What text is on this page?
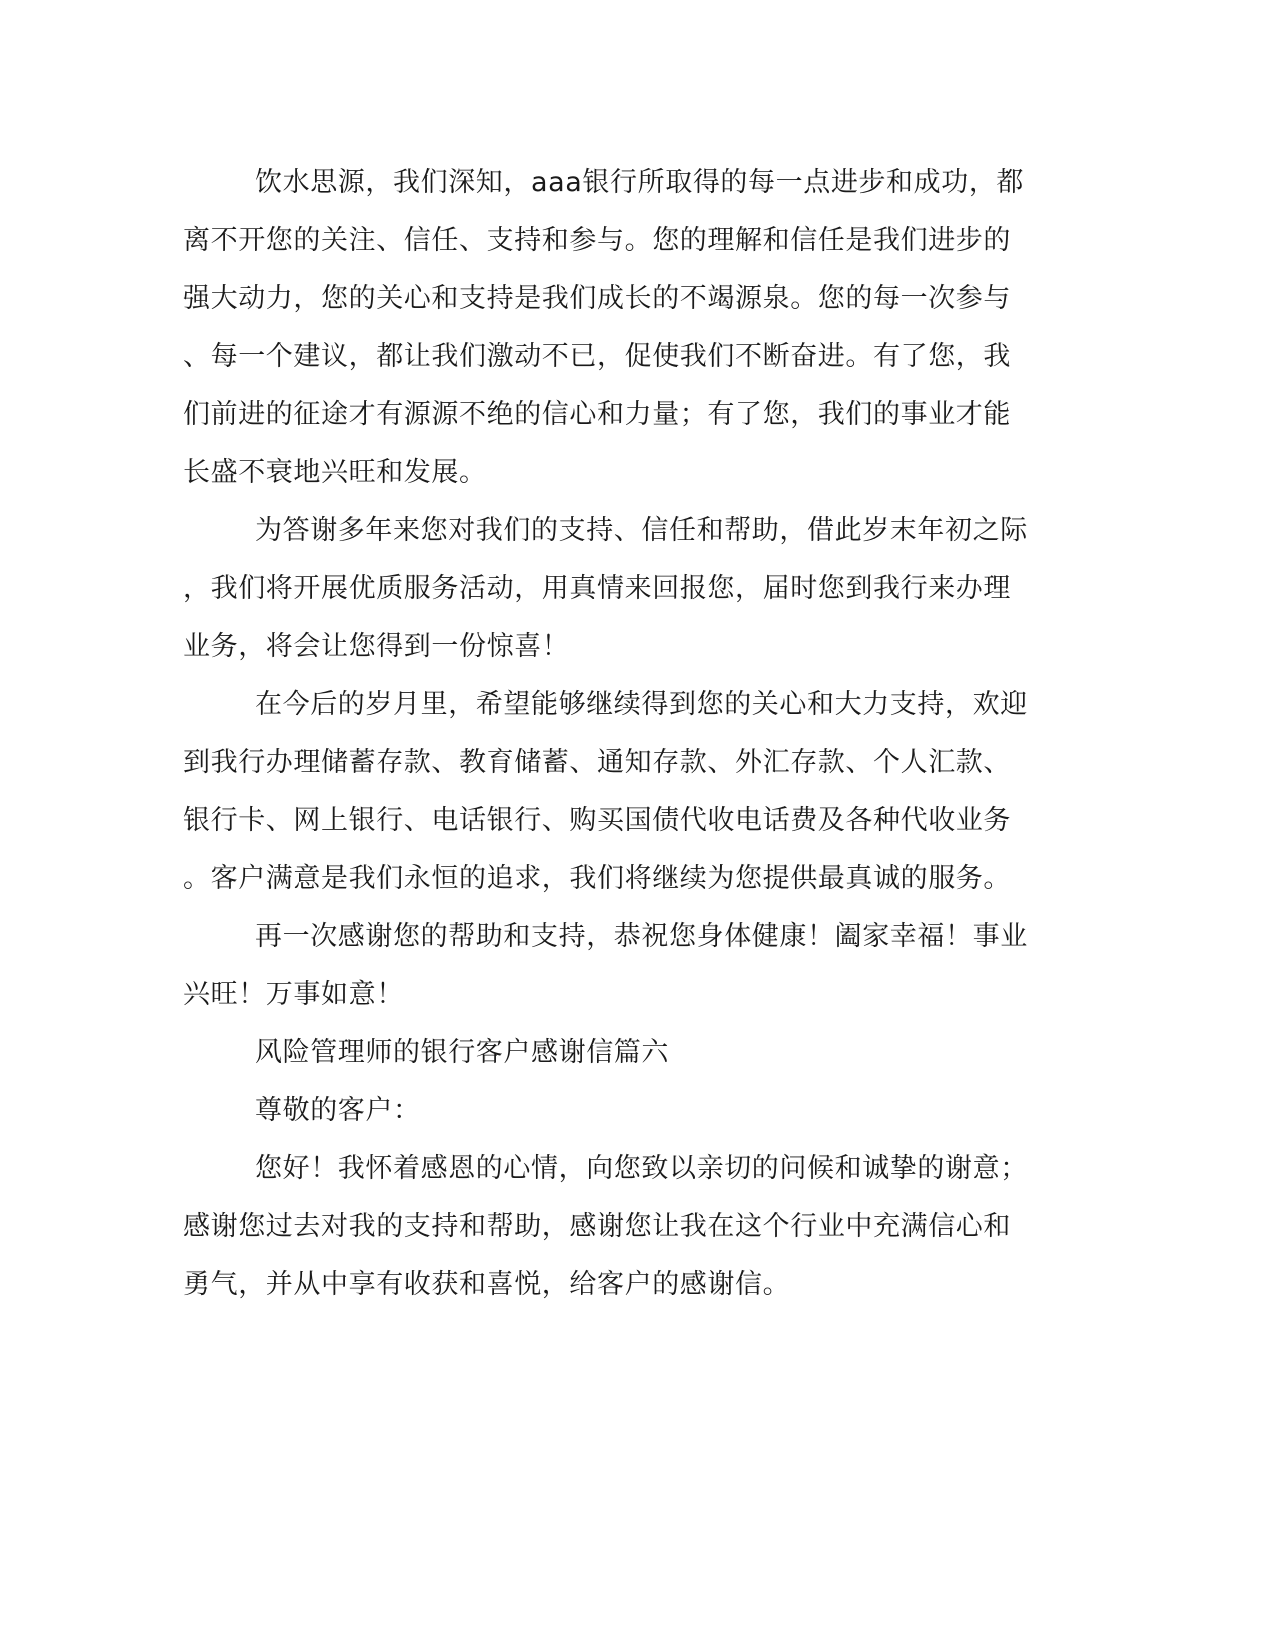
饮水思源，我们深知，aaa银行所取得的每一点进步和成功，都
离不开您的关注、信任、支持和参与。您的理解和信任是我们进步的
强大动力，您的关心和支持是我们成长的不竭源泉。您的每一次参与
、每一个建议，都让我们激动不已，促使我们不断奋进。有了您，我
们前进的征途才有源源不绝的信心和力量；有了您，我们的事业才能
长盛不衰地兴旺和发展。
为答谢多年来您对我们的支持、信任和帮助，借此岁末年初之际
，我们将开展优质服务活动，用真情来回报您，届时您到我行来办理
业务，将会让您得到一份惊喜！
在今后的岁月里，希望能够继续得到您的关心和大力支持，欢迎
到我行办理储蓄存款、教育储蓄、通知存款、外汇存款、个人汇款、
银行卡、网上银行、电话银行、购买国债代收电话费及各种代收业务
。客户满意是我们永恒的追求，我们将继续为您提供最真诚的服务。
再一次感谢您的帮助和支持，恭祝您身体健康！阖家幸福！事业
兴旺！万事如意！
风险管理师的银行客户感谢信篇六
尊敬的客户：
您好！我怀着感恩的心情，向您致以亲切的问候和诚挚的谢意；
感谢您过去对我的支持和帮助，感谢您让我在这个行业中充满信心和
勇气，并从中享有收获和喜悦，给客户的感谢信。
